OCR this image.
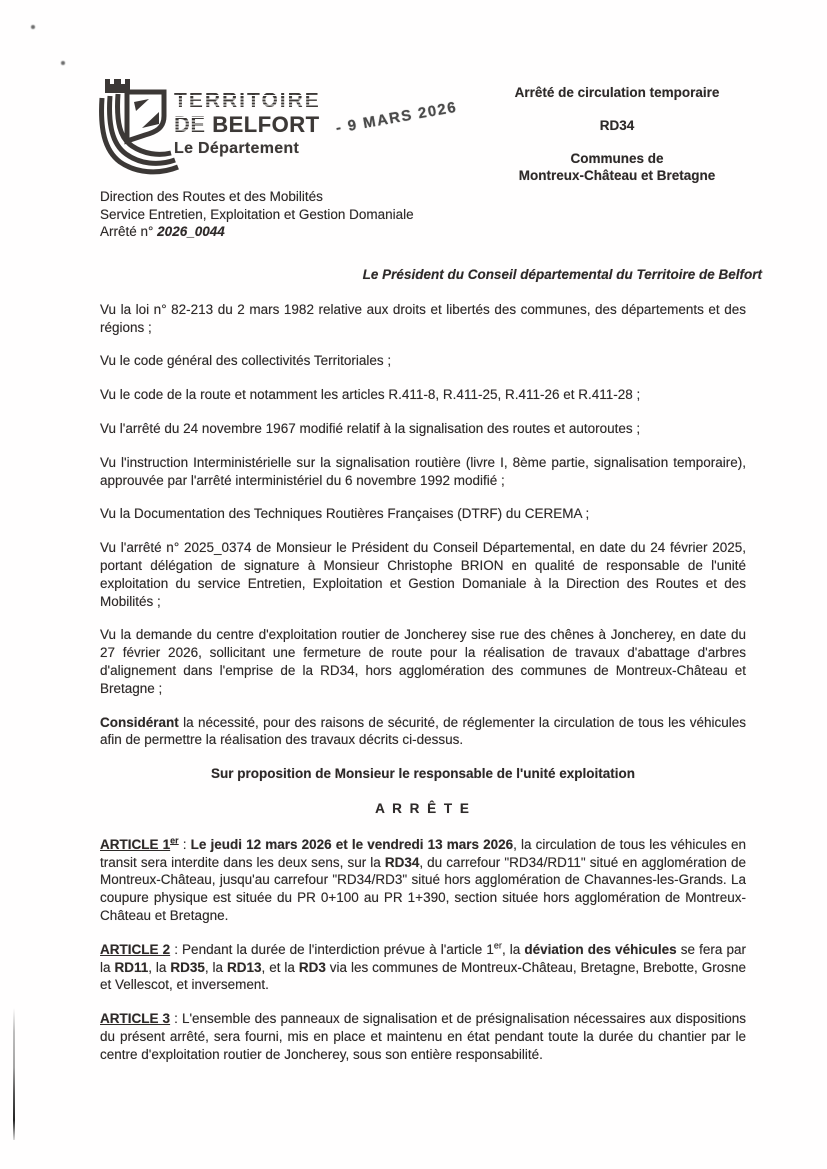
TERRITOIRE
DE BELFORT
Le Département
- 9 MARS 2026
Arrêté de circulation temporaire
RD34
Communes de
Montreux-Château et Bretagne
Direction des Routes et des Mobilités
Service Entretien, Exploitation et Gestion Domaniale
Arrêté n° 2026_0044

Le Président du Conseil départemental du Territoire de Belfort

Vu la loi n° 82-213 du 2 mars 1982 relative aux droits et libertés des communes, des départements et des régions ;

Vu le code général des collectivités Territoriales ;

Vu le code de la route et notamment les articles R.411-8, R.411-25, R.411-26 et R.411-28 ;

Vu l'arrêté du 24 novembre 1967 modifié relatif à la signalisation des routes et autoroutes ;

Vu l'instruction Interministérielle sur la signalisation routière (livre I, 8ème partie, signalisation temporaire), approuvée par l'arrêté interministériel du 6 novembre 1992 modifié ;

Vu la Documentation des Techniques Routières Françaises (DTRF) du CEREMA ;

Vu l'arrêté n° 2025_0374 de Monsieur le Président du Conseil Départemental, en date du 24 février 2025, portant délégation de signature à Monsieur Christophe BRION en qualité de responsable de l'unité exploitation du service Entretien, Exploitation et Gestion Domaniale à la Direction des Routes et des Mobilités ;

Vu la demande du centre d'exploitation routier de Joncherey sise rue des chênes à Joncherey, en date du 27 février 2026, sollicitant une fermeture de route pour la réalisation de travaux d'abattage d'arbres d'alignement dans l'emprise de la RD34, hors agglomération des communes de Montreux-Château et Bretagne ;

Considérant la nécessité, pour des raisons de sécurité, de réglementer la circulation de tous les véhicules afin de permettre la réalisation des travaux décrits ci-dessus.

Sur proposition de Monsieur le responsable de l'unité exploitation

A R R Ê T E

ARTICLE 1er : Le jeudi 12 mars 2026 et le vendredi 13 mars 2026, la circulation de tous les véhicules en transit sera interdite dans les deux sens, sur la RD34, du carrefour "RD34/RD11" situé en agglomération de Montreux-Château, jusqu'au carrefour "RD34/RD3" situé hors agglomération de Chavannes-les-Grands. La coupure physique est située du PR 0+100 au PR 1+390, section située hors agglomération de Montreux-Château et Bretagne.

ARTICLE 2 : Pendant la durée de l'interdiction prévue à l'article 1er, la déviation des véhicules se fera par la RD11, la RD35, la RD13, et la RD3 via les communes de Montreux-Château, Bretagne, Brebotte, Grosne et Vellescot, et inversement.

ARTICLE 3 : L'ensemble des panneaux de signalisation et de présignalisation nécessaires aux dispositions du présent arrêté, sera fourni, mis en place et maintenu en état pendant toute la durée du chantier par le centre d'exploitation routier de Joncherey, sous son entière responsabilité.
